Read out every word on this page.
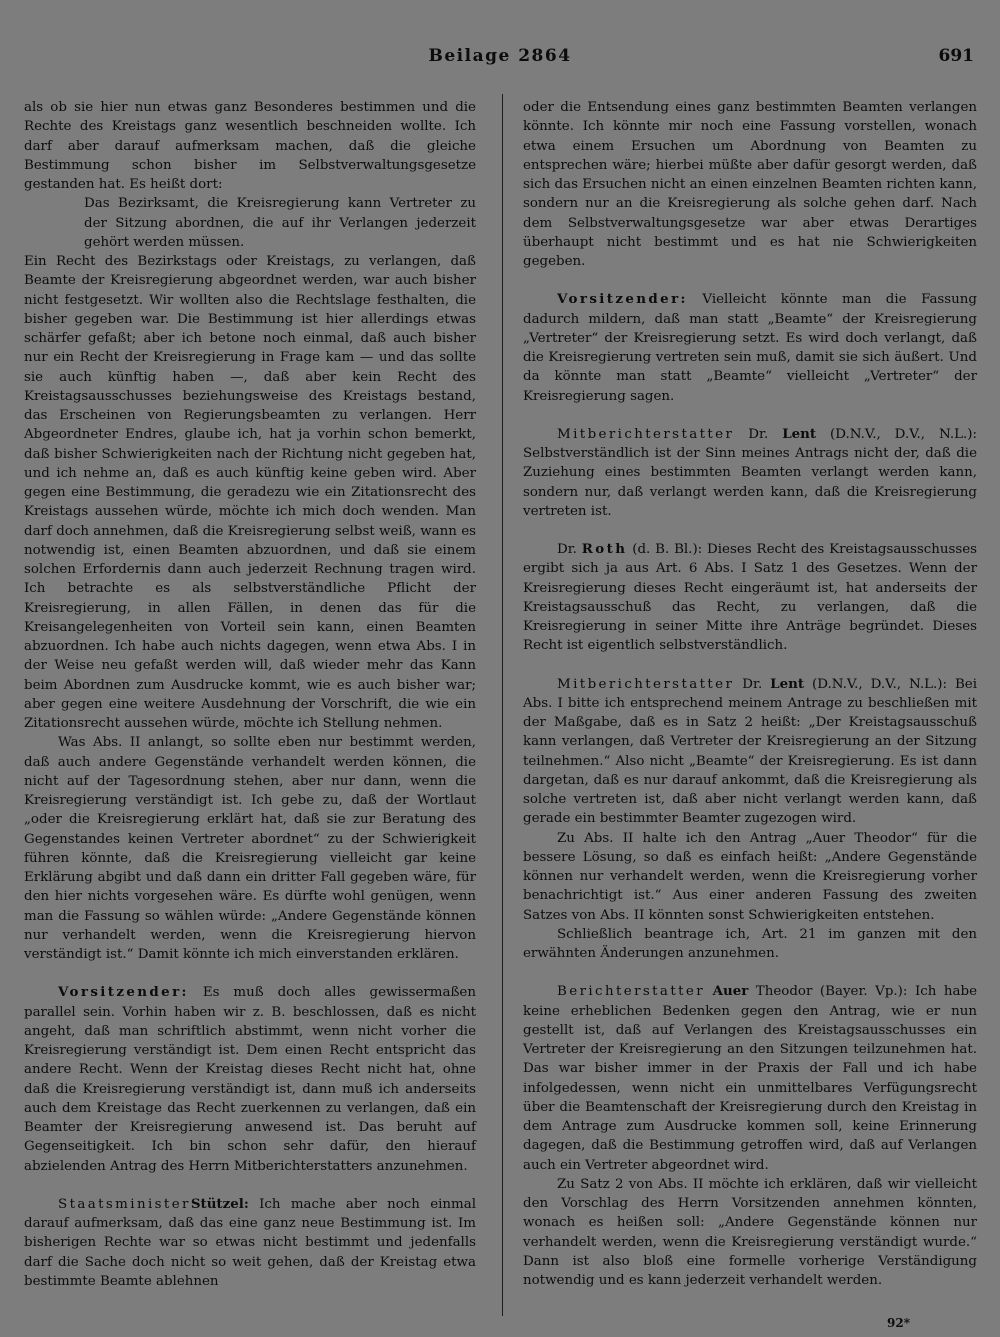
Beilage 2864	691

als ob sie hier nun etwas ganz Besonderes bestimmen und die Rechte des Kreistags ganz wesentlich beschneiden wollte. Ich darf aber darauf aufmerksam machen, daß die gleiche Bestimmung schon bisher im Selbstverwaltungsgesetze gestanden hat. Es heißt dort:

Das Bezirksamt, die Kreisregierung kann Vertreter zu der Sitzung abordnen, die auf ihr Verlangen jederzeit gehört werden müssen.

Ein Recht des Bezirkstags oder Kreistags, zu verlangen, daß Beamte der Kreisregierung abgeordnet werden, war auch bisher nicht festgesetzt. Wir wollten also die Rechtslage festhalten, die bisher gegeben war. Die Bestimmung ist hier allerdings etwas schärfer gefaßt; aber ich betone noch einmal, daß auch bisher nur ein Recht der Kreisregierung in Frage kam — und das sollte sie auch künftig haben —, daß aber kein Recht des Kreistagsausschusses beziehungsweise des Kreistags bestand, das Erscheinen von Regierungsbeamten zu verlangen. Herr Abgeordneter Endres, glaube ich, hat ja vorhin schon bemerkt, daß bisher Schwierigkeiten nach der Richtung nicht gegeben hat, und ich nehme an, daß es auch künftig keine geben wird. Aber gegen eine Bestimmung, die geradezu wie ein Zitationsrecht des Kreistags aussehen würde, möchte ich mich doch wenden. Man darf doch annehmen, daß die Kreisregierung selbst weiß, wann es notwendig ist, einen Beamten abzuordnen, und daß sie einem solchen Erfordernis dann auch jederzeit Rechnung tragen wird. Ich betrachte es als selbstverständliche Pflicht der Kreisregierung, in allen Fällen, in denen das für die Kreisangelegenheiten von Vorteil sein kann, einen Beamten abzuordnen. Ich habe auch nichts dagegen, wenn etwa Abs. I in der Weise neu gefaßt werden will, daß wieder mehr das Kann beim Abordnen zum Ausdrucke kommt, wie es auch bisher war; aber gegen eine weitere Ausdehnung der Vorschrift, die wie ein Zitationsrecht aussehen würde, möchte ich Stellung nehmen.

Was Abs. II anlangt, so sollte eben nur bestimmt werden, daß auch andere Gegenstände verhandelt werden können, die nicht auf der Tagesordnung stehen, aber nur dann, wenn die Kreisregierung verständigt ist. Ich gebe zu, daß der Wortlaut „oder die Kreisregierung erklärt hat, daß sie zur Beratung des Gegenstandes keinen Vertreter abordnet“ zu der Schwierigkeit führen könnte, daß die Kreisregierung vielleicht gar keine Erklärung abgibt und daß dann ein dritter Fall gegeben wäre, für den hier nichts vorgesehen wäre. Es dürfte wohl genügen, wenn man die Fassung so wählen würde: „Andere Gegenstände können nur verhandelt werden, wenn die Kreisregierung hiervon verständigt ist.“ Damit könnte ich mich einverstanden erklären.

Vorsitzender: Es muß doch alles gewissermaßen parallel sein. Vorhin haben wir z. B. beschlossen, daß es nicht angeht, daß man schriftlich abstimmt, wenn nicht vorher die Kreisregierung verständigt ist. Dem einen Recht entspricht das andere Recht. Wenn der Kreistag dieses Recht nicht hat, ohne daß die Kreisregierung verständigt ist, dann muß ich anderseits auch dem Kreistage das Recht zuerkennen zu verlangen, daß ein Beamter der Kreisregierung anwesend ist. Das beruht auf Gegenseitigkeit. Ich bin schon sehr dafür, den hierauf abzielenden Antrag des Herrn Mitberichterstatters anzunehmen.

StaatsministerStützel: Ich mache aber noch einmal darauf aufmerksam, daß das eine ganz neue Bestimmung ist. Im bisherigen Rechte war so etwas nicht bestimmt und jedenfalls darf die Sache doch nicht so weit gehen, daß der Kreistag etwa bestimmte Beamte ablehnen

oder die Entsendung eines ganz bestimmten Beamten verlangen könnte. Ich könnte mir noch eine Fassung vorstellen, wonach etwa einem Ersuchen um Abordnung von Beamten zu entsprechen wäre; hierbei müßte aber dafür gesorgt werden, daß sich das Ersuchen nicht an einen einzelnen Beamten richten kann, sondern nur an die Kreisregierung als solche gehen darf. Nach dem Selbstverwaltungsgesetze war aber etwas Derartiges überhaupt nicht bestimmt und es hat nie Schwierigkeiten gegeben.

Vorsitzender: Vielleicht könnte man die Fassung dadurch mildern, daß man statt „Beamte“ der Kreisregierung „Vertreter“ der Kreisregierung setzt. Es wird doch verlangt, daß die Kreisregierung vertreten sein muß, damit sie sich äußert. Und da könnte man statt „Beamte“ vielleicht „Vertreter“ der Kreisregierung sagen.

Mitberichterstatter Dr. Lent (D.N.V., D.V., N.L.): Selbstverständlich ist der Sinn meines Antrags nicht der, daß die Zuziehung eines bestimmten Beamten verlangt werden kann, sondern nur, daß verlangt werden kann, daß die Kreisregierung vertreten ist.

Dr. Roth (d. B. Bl.): Dieses Recht des Kreistagsausschusses ergibt sich ja aus Art. 6 Abs. I Satz 1 des Gesetzes. Wenn der Kreisregierung dieses Recht eingeräumt ist, hat anderseits der Kreistagsausschuß das Recht, zu verlangen, daß die Kreisregierung in seiner Mitte ihre Anträge begründet. Dieses Recht ist eigentlich selbstverständlich.

Mitberichterstatter Dr. Lent (D.N.V., D.V., N.L.): Bei Abs. I bitte ich entsprechend meinem Antrage zu beschließen mit der Maßgabe, daß es in Satz 2 heißt: „Der Kreistagsausschuß kann verlangen, daß Vertreter der Kreisregierung an der Sitzung teilnehmen.“ Also nicht „Beamte“ der Kreisregierung. Es ist dann dargetan, daß es nur darauf ankommt, daß die Kreisregierung als solche vertreten ist, daß aber nicht verlangt werden kann, daß gerade ein bestimmter Beamter zugezogen wird.

Zu Abs. II halte ich den Antrag „Auer Theodor“ für die bessere Lösung, so daß es einfach heißt: „Andere Gegenstände können nur verhandelt werden, wenn die Kreisregierung vorher benachrichtigt ist.“ Aus einer anderen Fassung des zweiten Satzes von Abs. II könnten sonst Schwierigkeiten entstehen.

Schließlich beantrage ich, Art. 21 im ganzen mit den erwähnten Änderungen anzunehmen.

Berichterstatter Auer Theodor (Bayer. Vp.): Ich habe keine erheblichen Bedenken gegen den Antrag, wie er nun gestellt ist, daß auf Verlangen des Kreistagsausschusses ein Vertreter der Kreisregierung an den Sitzungen teilzunehmen hat. Das war bisher immer in der Praxis der Fall und ich habe infolgedessen, wenn nicht ein unmittelbares Verfügungsrecht über die Beamtenschaft der Kreisregierung durch den Kreistag in dem Antrage zum Ausdrucke kommen soll, keine Erinnerung dagegen, daß die Bestimmung getroffen wird, daß auf Verlangen auch ein Vertreter abgeordnet wird.

Zu Satz 2 von Abs. II möchte ich erklären, daß wir vielleicht den Vorschlag des Herrn Vorsitzenden annehmen könnten, wonach es heißen soll: „Andere Gegenstände können nur verhandelt werden, wenn die Kreisregierung verständigt wurde.“ Dann ist also bloß eine formelle vorherige Verständigung notwendig und es kann jederzeit verhandelt werden.

92*
